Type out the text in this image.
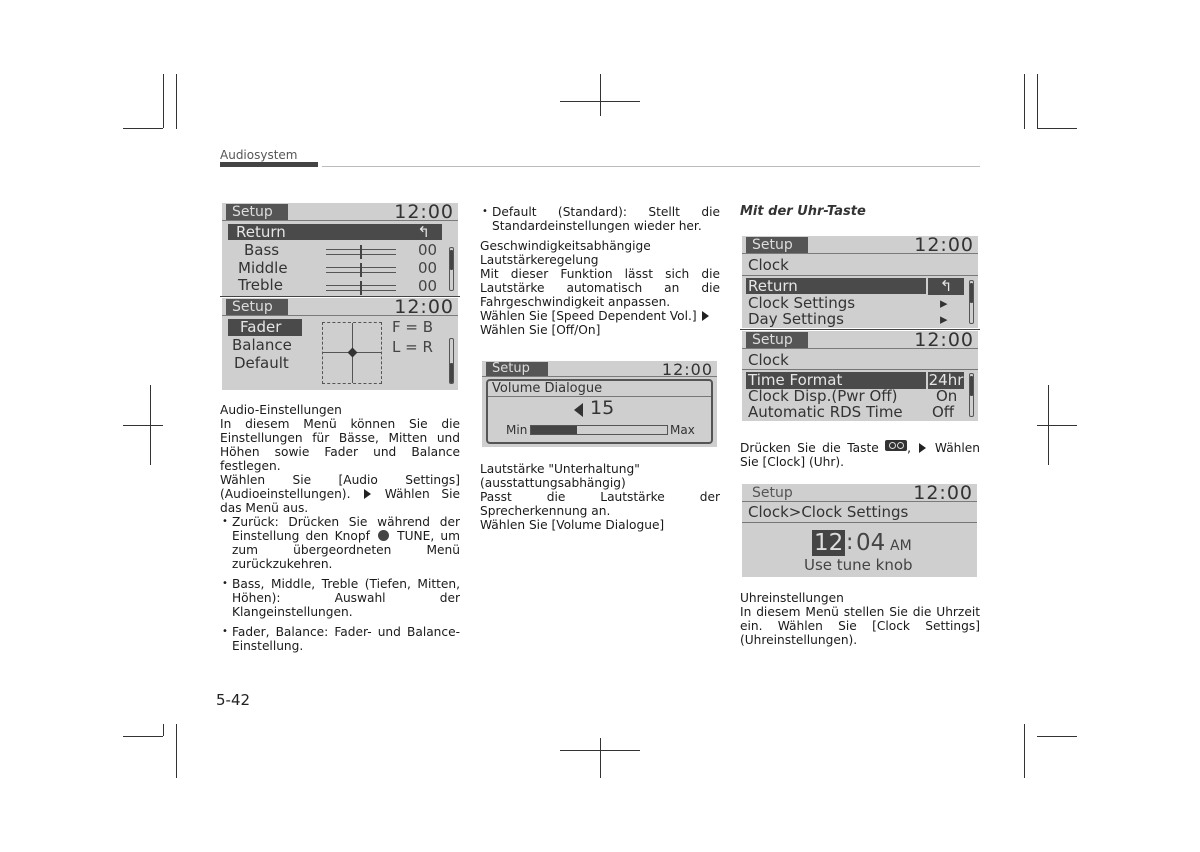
Audiosystem
Setup	12:00
Return	↰
Bass	00
Middle	00
Treble	00
Setup	12:00
Fader
Balance
Default
F = B
L = R
Audio-Einstellungen

In diesem Menü können Sie die Einstellungen für Bässe, Mitten und Höhen sowie Fader und Balance festlegen.

Wählen Sie [Audio Settings] (Audioeinstellungen).	Wählen Sie das Menü aus.

• Zurück: Drücken Sie während der Einstellung den Knopf TUNE, um zum übergeordneten Menü zurückzukehren.
• Bass, Middle, Treble (Tiefen, Mitten, Höhen): Auswahl der Klangeinstellungen.
• Fader, Balance: Fader- und Balance-Einstellung.
• Default (Standard): Stellt die Standardeinstellungen wieder her.
Geschwindigkeitsabhängige Lautstärkeregelung

Mit dieser Funktion lässt sich die Lautstärke automatisch an die Fahrgeschwindigkeit anpassen.

Wählen Sie [Speed Dependent Vol.]
Wählen Sie [Off/On]

Setup	12:00
Volume Dialogue
15
Min	Max
Lautstärke "Unterhaltung" (ausstattungsabhängig)

Passt die Lautstärke der Sprecherkennung an.

Wählen Sie [Volume Dialogue]

Mit der Uhr-Taste
Setup	12:00
Clock
Return	↰
Clock Settings	▸
Day Settings	▸
Setup	12:00
Clock
Time Format	24hr
Clock Disp.(Pwr Off)	On
Automatic RDS Time Off

Drücken Sie die Taste , Wählen Sie [Clock] (Uhr).

Setup	12:00
Clock>Clock Settings
12 : 04 AM
Use tune knob
Uhreinstellungen

In diesem Menü stellen Sie die Uhrzeit ein. Wählen Sie [Clock Settings] (Uhreinstellungen).

5-42
